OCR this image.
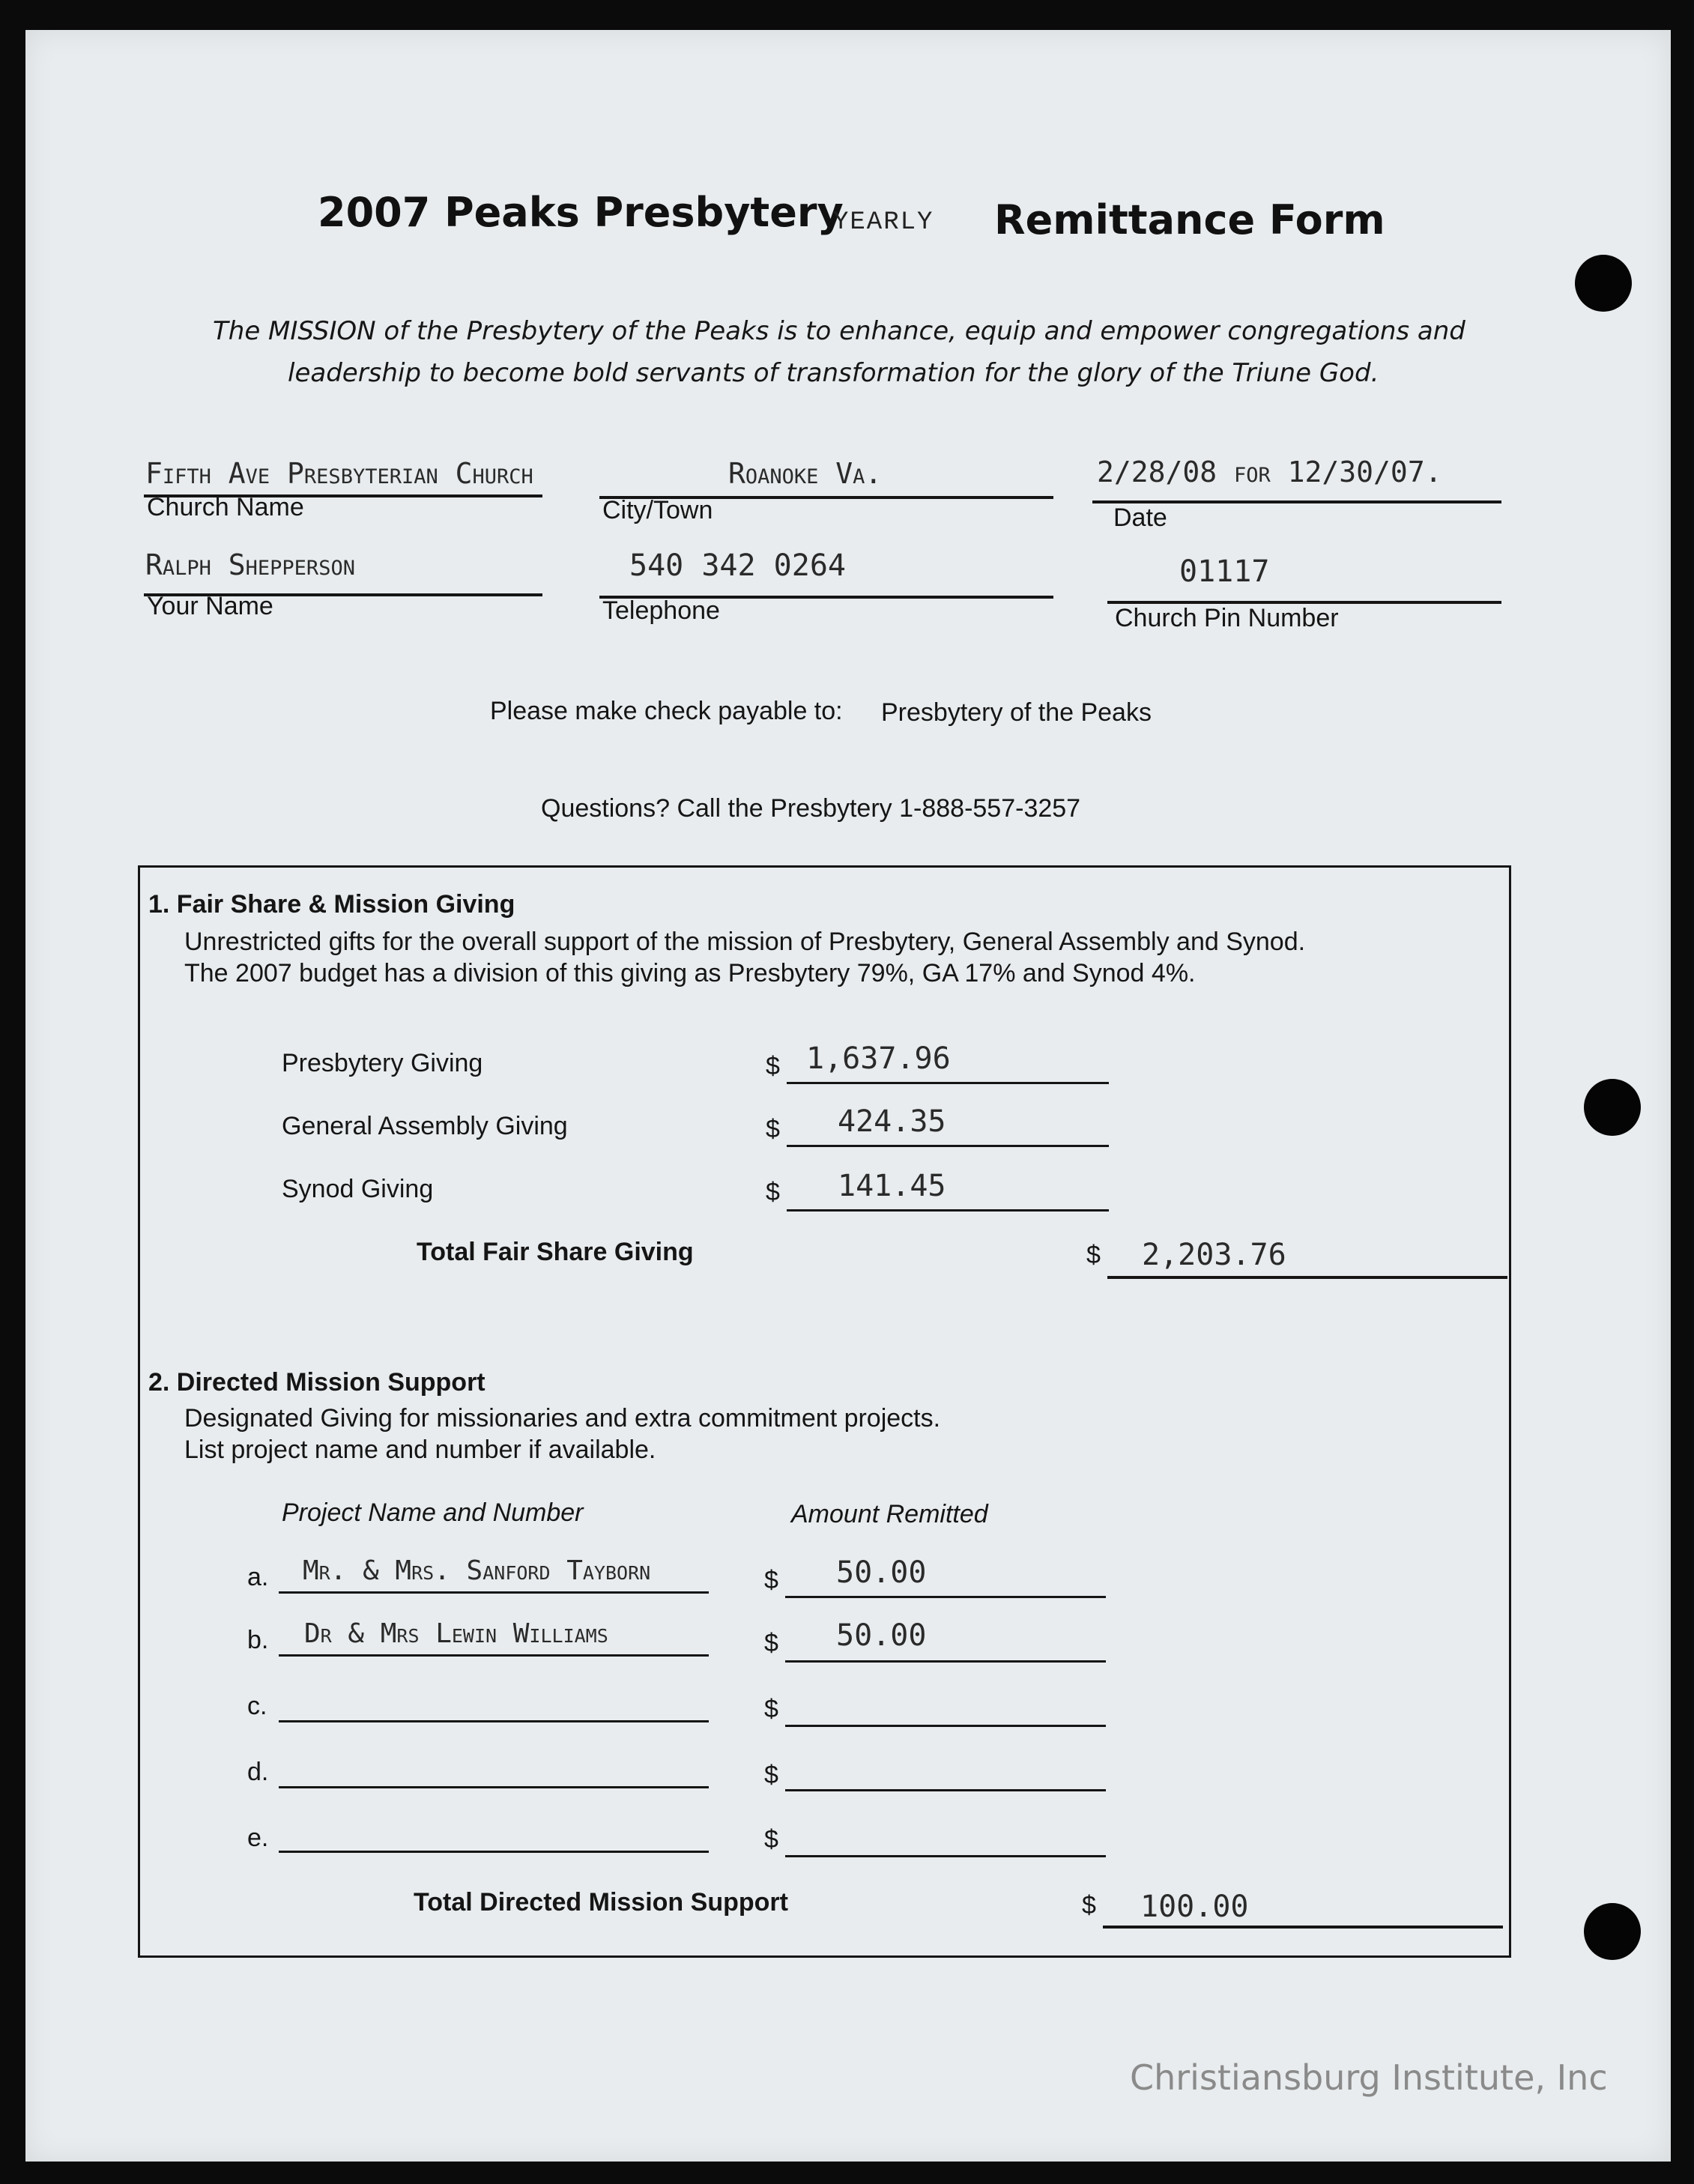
2007 Peaks Presbytery
YEARLY Remittance Form
The MISSION of the Presbytery of the Peaks is to enhance, equip and empower congregations and
leadership to become bold servants of transformation for the glory of the Triune God.
Fifth Ave Presbyterian Church
Church Name
Roanoke Va.
City/Town
2/28/08 for 12/30/07.
Date
Ralph Shepperson
Your Name
540 342 0264
Telephone
01117
Church Pin Number
Please make check payable to: Presbytery of the Peaks
Questions? Call the Presbytery 1-888-557-3257
1. Fair Share & Mission Giving
Unrestricted gifts for the overall support of the mission of Presbytery, General Assembly and Synod.
The 2007 budget has a division of this giving as Presbytery 79%, GA 17% and Synod 4%.
Presbytery Giving	$ 1,637.96
General Assembly Giving	$ 424.35
Synod Giving	$ 141.45
Total Fair Share Giving	$ 2,203.76
2. Directed Mission Support
Designated Giving for missionaries and extra commitment projects.
List project name and number if available.
Project Name and Number	Amount Remitted
a. Mr. & Mrs. Sanford Tayborn	$ 50.00
b. Dr & Mrs Lewin Williams	$ 50.00
c.	$
d.	$
e.	$
Total Directed Mission Support	$ 100.00
Christiansburg Institute, Inc
